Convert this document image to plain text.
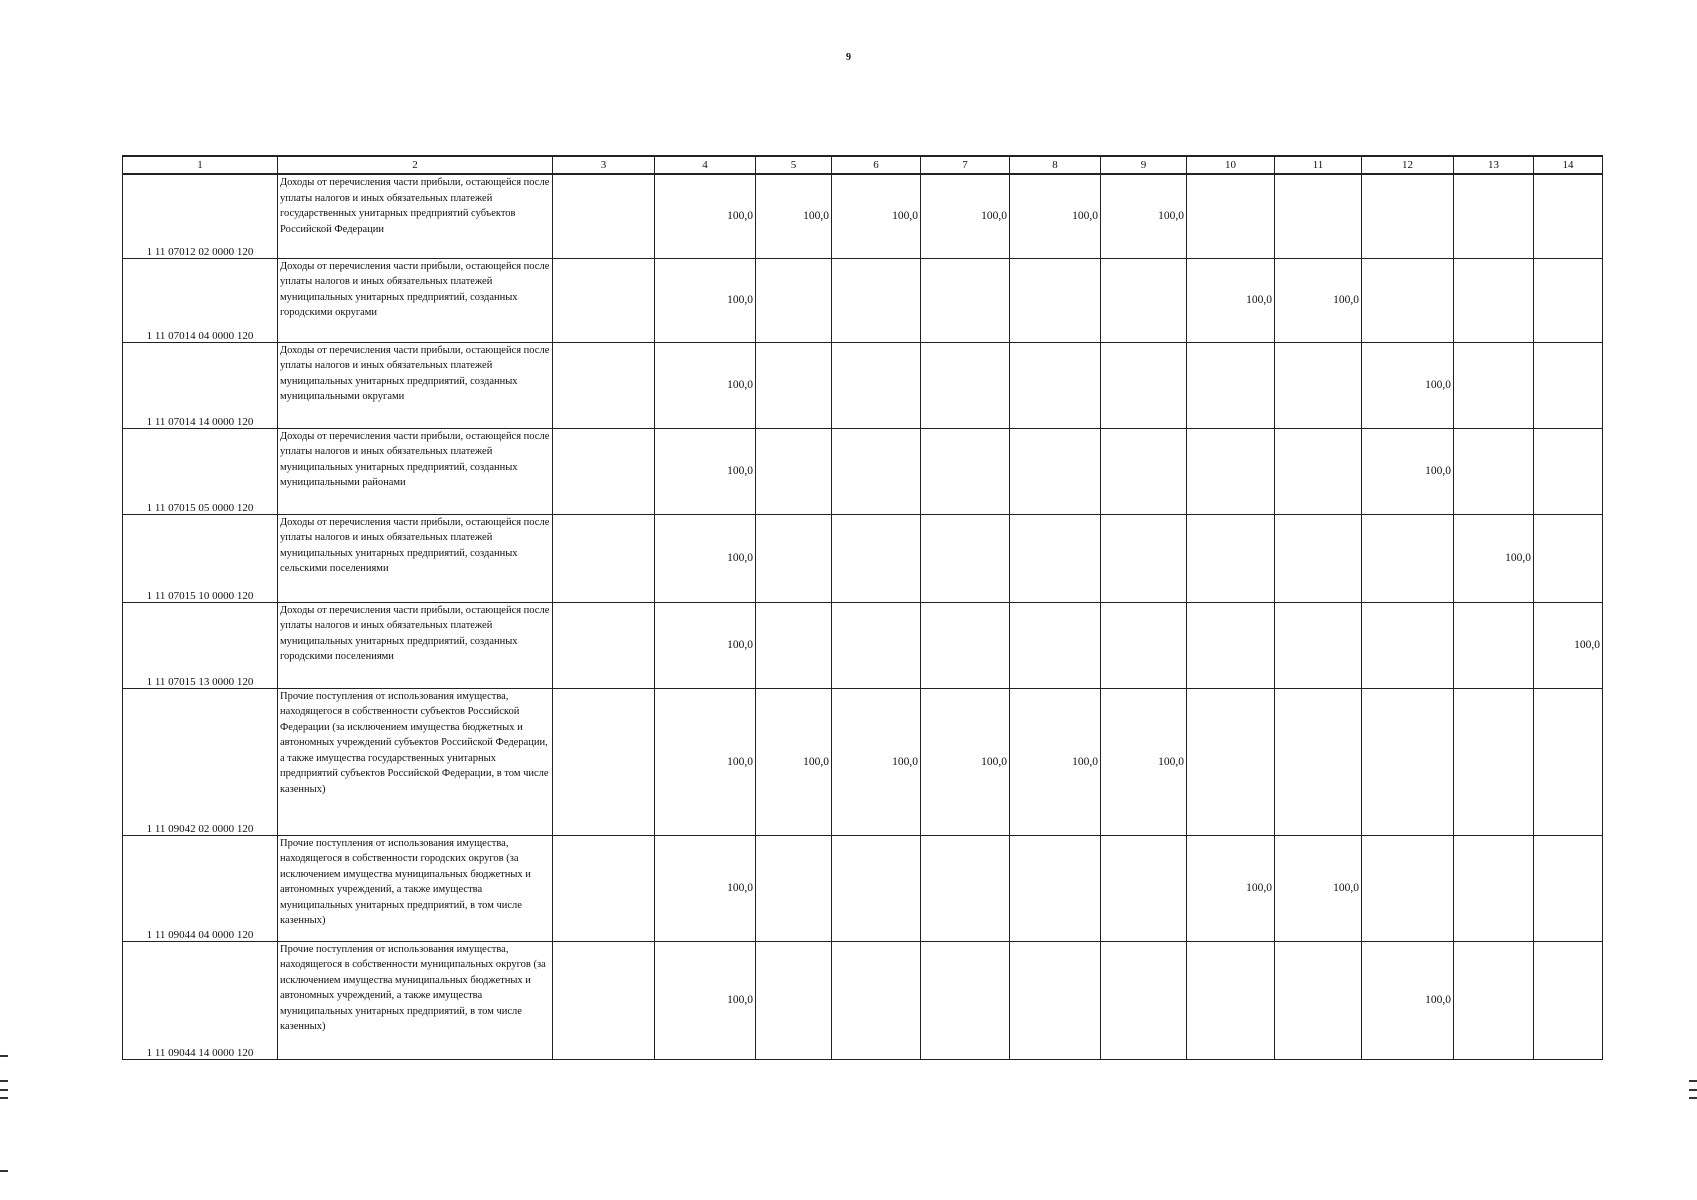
9
1	2	3	4	5	6	7	8	9	10	11	12	13	14
1 11 07012 02 0000 120	Доходы от перечисления части прибыли, остающейся после уплаты налогов и иных обязательных платежей государственных унитарных предприятий субъектов Российской Федерации		100,0	100,0	100,0	100,0	100,0	100,0					
1 11 07014 04 0000 120	Доходы от перечисления части прибыли, остающейся после уплаты налогов и иных обязательных платежей муниципальных унитарных предприятий, созданных городскими округами		100,0						100,0	100,0			
1 11 07014 14 0000 120	Доходы от перечисления части прибыли, остающейся после уплаты налогов и иных обязательных платежей муниципальных унитарных предприятий, созданных муниципальными округами		100,0								100,0		
1 11 07015 05 0000 120	Доходы от перечисления части прибыли, остающейся после уплаты налогов и иных обязательных платежей муниципальных унитарных предприятий, созданных муниципальными районами		100,0								100,0		
1 11 07015 10 0000 120	Доходы от перечисления части прибыли, остающейся после уплаты налогов и иных обязательных платежей муниципальных унитарных предприятий, созданных сельскими поселениями		100,0									100,0	
1 11 07015 13 0000 120	Доходы от перечисления части прибыли, остающейся после уплаты налогов и иных обязательных платежей муниципальных унитарных предприятий, созданных городскими поселениями		100,0										100,0
1 11 09042 02 0000 120	Прочие поступления от использования имущества, находящегося в собственности субъектов Российской Федерации (за исключением имущества бюджетных и автономных учреждений субъектов Российской Федерации, а также имущества государственных унитарных предприятий субъектов Российской Федерации, в том числе казенных)		100,0	100,0	100,0	100,0	100,0	100,0					
1 11 09044 04 0000 120	Прочие поступления от использования имущества, находящегося в собственности городских округов (за исключением имущества муниципальных бюджетных и автономных учреждений, а также имущества муниципальных унитарных предприятий, в том числе казенных)		100,0						100,0	100,0			
1 11 09044 14 0000 120	Прочие поступления от использования имущества, находящегося в собственности муниципальных округов (за исключением имущества муниципальных бюджетных и автономных учреждений, а также имущества муниципальных унитарных предприятий, в том числе казенных)		100,0								100,0		
